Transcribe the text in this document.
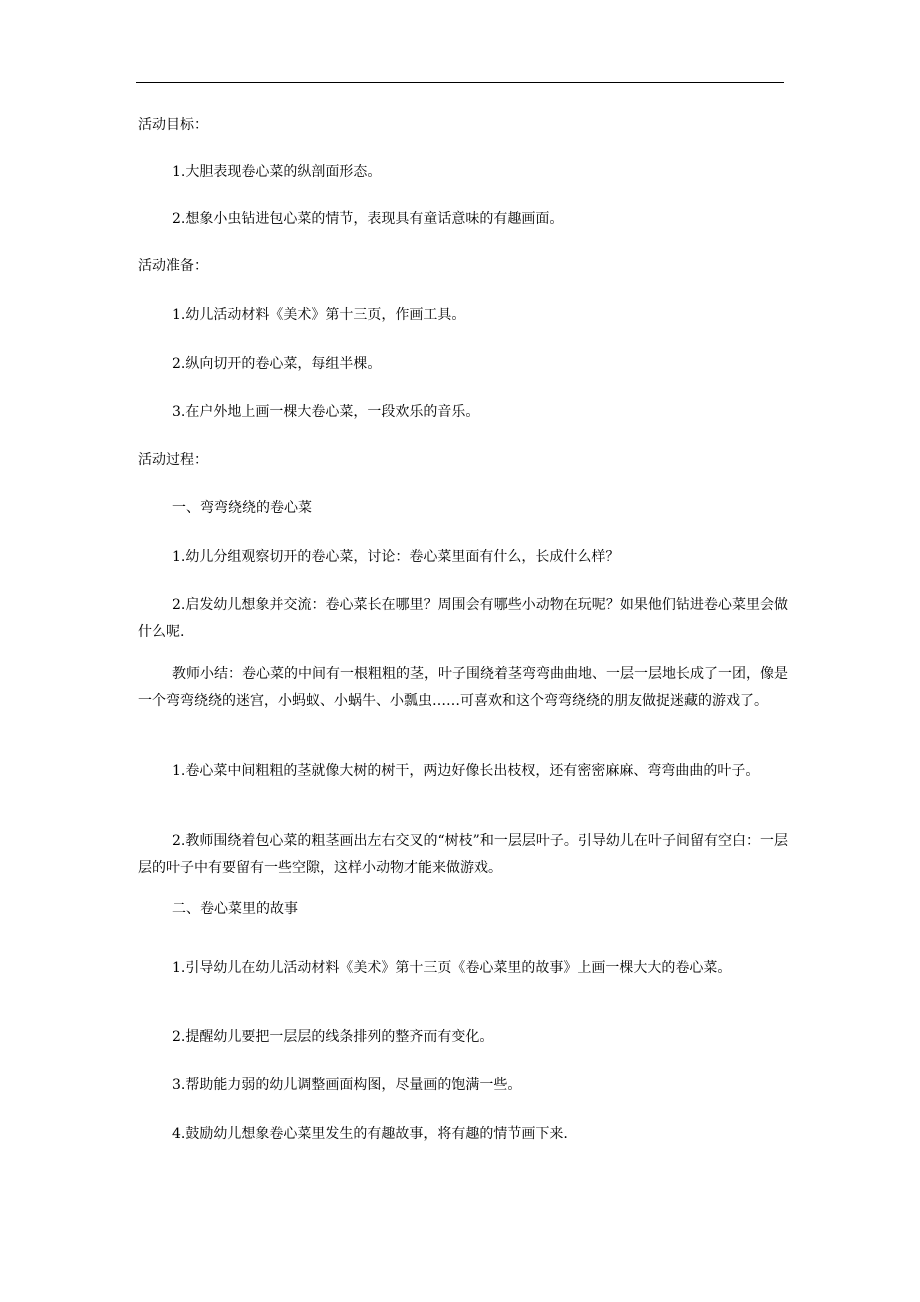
活动目标：
1.大胆表现卷心菜的纵剖面形态。
2.想象小虫钻进包心菜的情节，表现具有童话意味的有趣画面。
活动准备：
1.幼儿活动材料《美术》第十三页，作画工具。
2.纵向切开的卷心菜，每组半棵。
3.在户外地上画一棵大卷心菜，一段欢乐的音乐。
活动过程：
一、弯弯绕绕的卷心菜
1.幼儿分组观察切开的卷心菜，讨论：卷心菜里面有什么，长成什么样？
2.启发幼儿想象并交流：卷心菜长在哪里？周围会有哪些小动物在玩呢？如果他们钻进卷心菜里会做什么呢.
教师小结：卷心菜的中间有一根粗粗的茎，叶子围绕着茎弯弯曲曲地、一层一层地长成了一团，像是一个弯弯绕绕的迷宫，小蚂蚁、小蜗牛、小瓢虫……可喜欢和这个弯弯绕绕的朋友做捉迷藏的游戏了。
1.卷心菜中间粗粗的茎就像大树的树干，两边好像长出枝杈，还有密密麻麻、弯弯曲曲的叶子。
2.教师围绕着包心菜的粗茎画出左右交叉的“树枝”和一层层叶子。引导幼儿在叶子间留有空白：一层层的叶子中有要留有一些空隙，这样小动物才能来做游戏。
二、卷心菜里的故事
1.引导幼儿在幼儿活动材料《美术》第十三页《卷心菜里的故事》上画一棵大大的卷心菜。
2.提醒幼儿要把一层层的线条排列的整齐而有变化。
3.帮助能力弱的幼儿调整画面构图，尽量画的饱满一些。
4.鼓励幼儿想象卷心菜里发生的有趣故事，将有趣的情节画下来.
